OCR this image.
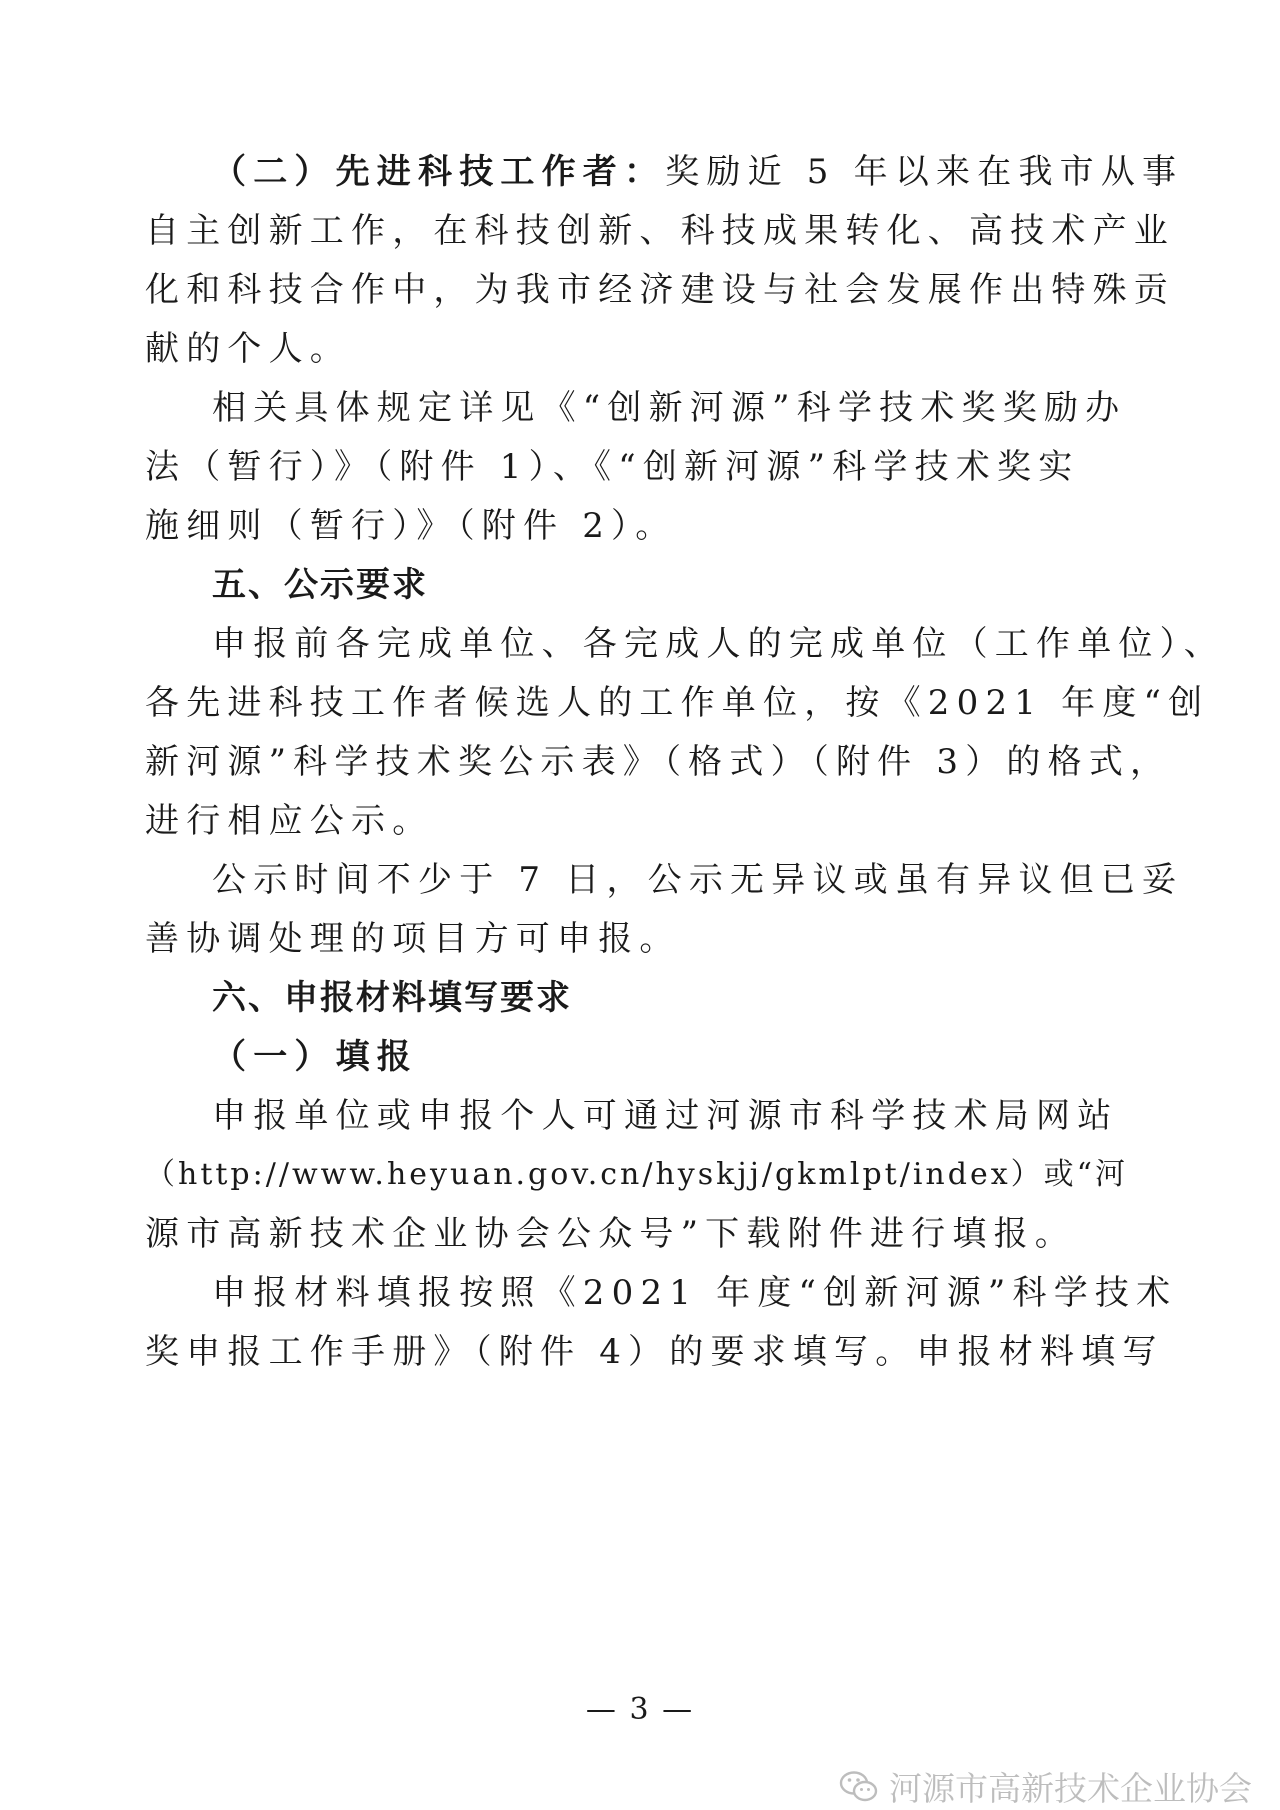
（二）先进科技工作者：奖励近 5 年以来在我市从事
自主创新工作，在科技创新、科技成果转化、高技术产业
化和科技合作中，为我市经济建设与社会发展作出特殊贡
献的个人。
相关具体规定详见《“创新河源”科学技术奖奖励办
法（暂行）》（附件 1）、《“创新河源”科学技术奖实
施细则（暂行）》（附件 2）。
五、公示要求
申报前各完成单位、各完成人的完成单位（工作单位）、
各先进科技工作者候选人的工作单位，按《2021 年度“创
新河源”科学技术奖公示表》（格式）（附件 3）的格式，
进行相应公示。
公示时间不少于 7 日，公示无异议或虽有异议但已妥
善协调处理的项目方可申报。
六、申报材料填写要求
（一）填报
申报单位或申报个人可通过河源市科学技术局网站
（http://www.heyuan.gov.cn/hyskjj/gkmlpt/index）或“河
源市高新技术企业协会公众号”下载附件进行填报。
申报材料填报按照《2021 年度“创新河源”科学技术
奖申报工作手册》（附件 4）的要求填写。申报材料填写
— 3 —
河源市高新技术企业协会
